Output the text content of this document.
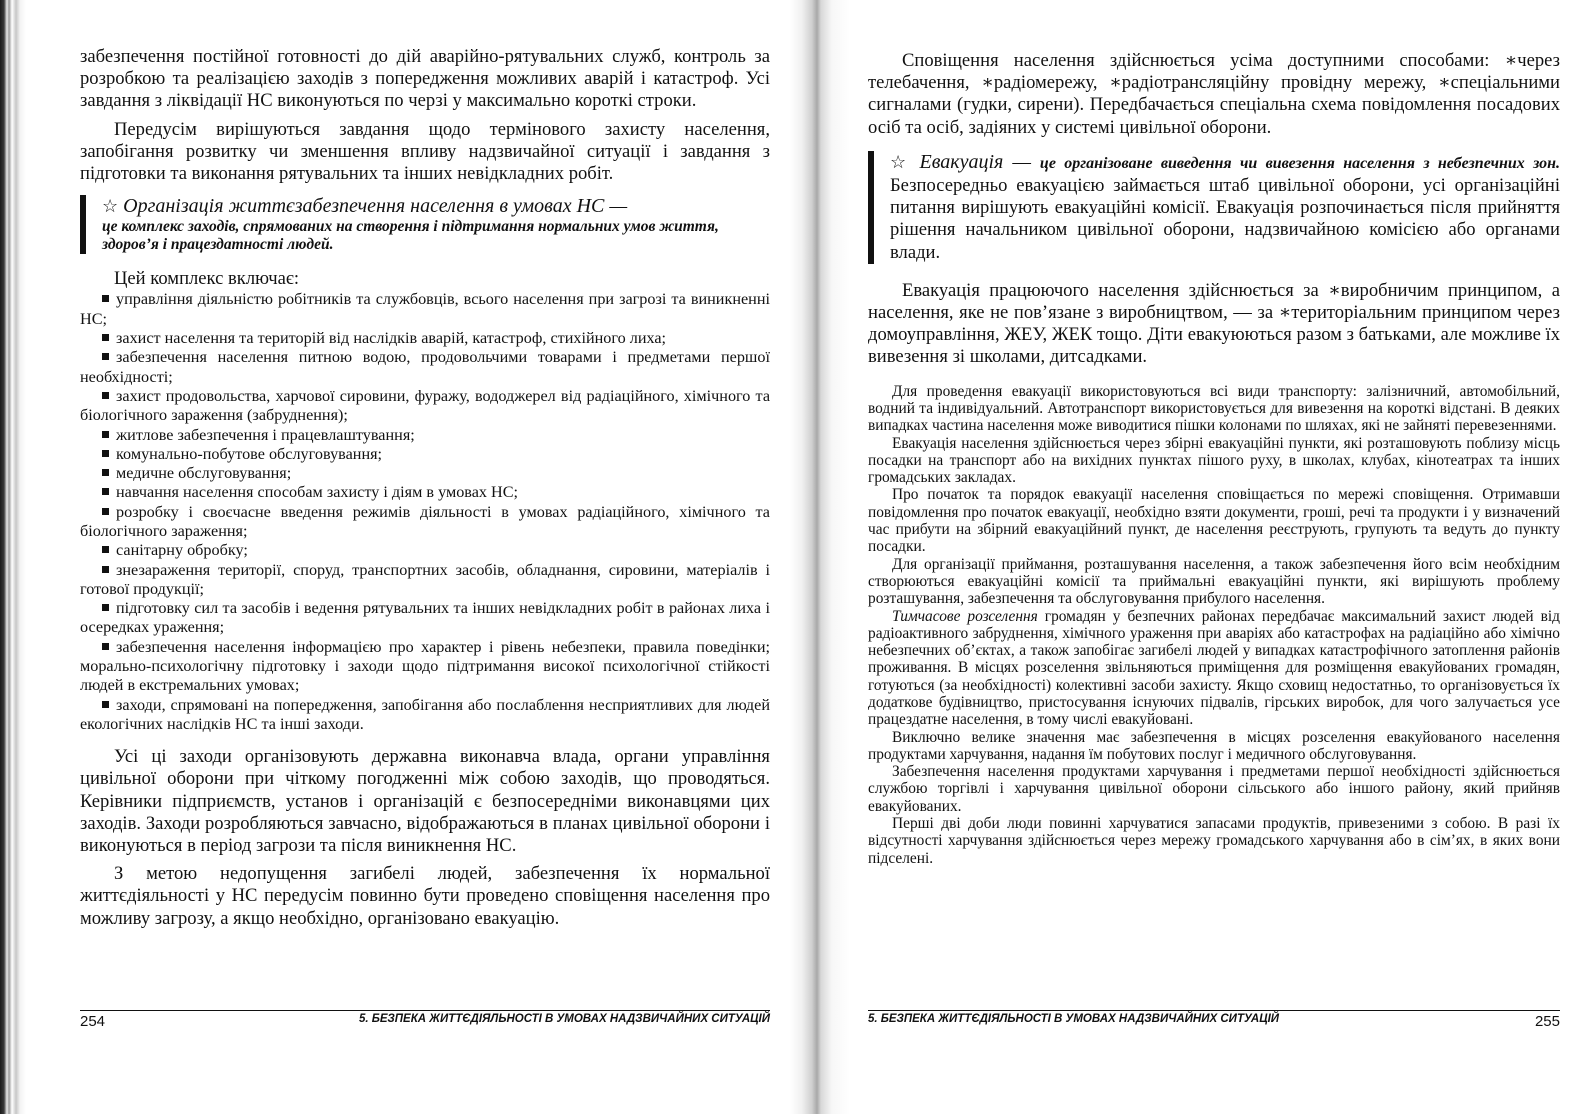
забезпечення постійної готовності до дій аварійно-рятувальних служб, контроль за розробкою та реалізацією заходів з попередження можливих аварій і катастроф. Усі завдання з ліквідації НС виконуються по черзі у максимально короткі строки.

Передусім вирішуються завдання щодо термінового захисту населення, запобігання розвитку чи зменшення впливу надзвичайної ситуації і завдання з підготовки та виконання рятувальних та інших невідкладних робіт.

☆ Організація життєзабезпечення населення в умовах НС —
це комплекс заходів, спрямованих на створення і підтримання нормальних умов життя, здоров’я і працездатності людей.

Цей комплекс включає:

управління діяльністю робітників та службовців, всього населення при загрозі та виникненні НС;
захист населення та територій від наслідків аварій, катастроф, стихійного лиха;
забезпечення населення питною водою, продовольчими товарами і предметами першої необхідності;
захист продовольства, харчової сировини, фуражу, вододжерел від радіаційного, хімічного та біологічного зараження (забруднення);
житлове забезпечення і працевлаштування;
комунально-побутове обслуговування;
медичне обслуговування;
навчання населення способам захисту і діям в умовах НС;
розробку і своєчасне введення режимів діяльності в умовах радіаційного, хімічного та біологічного зараження;
санітарну обробку;
знезараження території, споруд, транспортних засобів, обладнання, сировини, матеріалів і готової продукції;
підготовку сил та засобів і ведення рятувальних та інших невідкладних робіт в районах лиха і осередках ураження;
забезпечення населення інформацією про характер і рівень небезпеки, правила поведінки; морально-психологічну підготовку і заходи щодо підтримання високої психологічної стійкості людей в екстремальних умовах;
заходи, спрямовані на попередження, запобігання або послаблення несприятливих для людей екологічних наслідків НС та інші заходи.

Усі ці заходи організовують державна виконавча влада, органи управління цивільної оборони при чіткому погодженні між собою заходів, що проводяться. Керівники підприємств, установ і організацій є безпосередніми виконавцями цих заходів. Заходи розробляються завчасно, відображаються в планах цивільної оборони і виконуються в період загрози та після виникнення НС.

З метою недопущення загибелі людей, забезпечення їх нормальної життєдіяльності у НС передусім повинно бути проведено сповіщення населення про можливу загрозу, а якщо необхідно, організовано евакуацію.

254	5. БЕЗПЕКА ЖИТТЄДІЯЛЬНОСТІ В УМОВАХ НАДЗВИЧАЙНИХ СИТУАЦІЙ

Сповіщення населення здійснюється усіма доступними способами: ∗через телебачення, ∗радіомережу, ∗радіотрансляційну провідну мережу, ∗спеціальними сигналами (гудки, сирени). Передбачається спеціальна схема повідомлення посадових осіб та осіб, задіяних у системі цивільної оборони.

☆ Евакуація — це організоване виведення чи вивезення населення з небезпечних зон. Безпосередньо евакуацією займається штаб цивільної оборони, усі організаційні питання вирішують евакуаційні комісії. Евакуація розпочинається після прийняття рішення начальником цивільної оборони, надзвичайною комісією або органами влади.

Евакуація працюючого населення здійснюється за ∗виробничим принципом, а населення, яке не пов’язане з виробництвом, — за ∗територіальним принципом через домоуправління, ЖЕУ, ЖЕК тощо. Діти евакуюються разом з батьками, але можливе їх вивезення зі школами, дитсадками.

Для проведення евакуації використовуються всі види транспорту: залізничний, автомобільний, водний та індивідуальний. Автотранспорт використовується для вивезення на короткі відстані. В деяких випадках частина населення може виводитися пішки колонами по шляхах, які не зайняті перевезеннями.

Евакуація населення здійснюється через збірні евакуаційні пункти, які розташовують поблизу місць посадки на транспорт або на вихідних пунктах пішого руху, в школах, клубах, кінотеатрах та інших громадських закладах.

Про початок та порядок евакуації населення сповіщається по мережі сповіщення. Отримавши повідомлення про початок евакуації, необхідно взяти документи, гроші, речі та продукти і у визначений час прибути на збірний евакуаційний пункт, де населення реєструють, групують та ведуть до пункту посадки.

Для організації приймання, розташування населення, а також забезпечення його всім необхідним створюються евакуаційні комісії та приймальні евакуаційні пункти, які вирішують проблему розташування, забезпечення та обслуговування прибулого населення.

Тимчасове розселення громадян у безпечних районах передбачає максимальний захист людей від радіоактивного забруднення, хімічного ураження при аваріях або катастрофах на радіаційно або хімічно небезпечних об’єктах, а також запобігає загибелі людей у випадках катастрофічного затоплення районів проживання. В місцях розселення звільняються приміщення для розміщення евакуйованих громадян, готуються (за необхідності) колективні засоби захисту. Якщо сховищ недостатньо, то організовується їх додаткове будівництво, пристосування існуючих підвалів, гірських виробок, для чого залучається усе працездатне населення, в тому числі евакуйовані.

Виключно велике значення має забезпечення в місцях розселення евакуйованого населення продуктами харчування, надання їм побутових послуг і медичного обслуговування.

Забезпечення населення продуктами харчування і предметами першої необхідності здійснюється службою торгівлі і харчування цивільної оборони сільського або іншого району, який прийняв евакуйованих.

Перші дві доби люди повинні харчуватися запасами продуктів, привезеними з собою. В разі їх відсутності харчування здійснюється через мережу громадського харчування або в сім’ях, в яких вони підселені.

5. БЕЗПЕКА ЖИТТЄДІЯЛЬНОСТІ В УМОВАХ НАДЗВИЧАЙНИХ СИТУАЦІЙ	255
